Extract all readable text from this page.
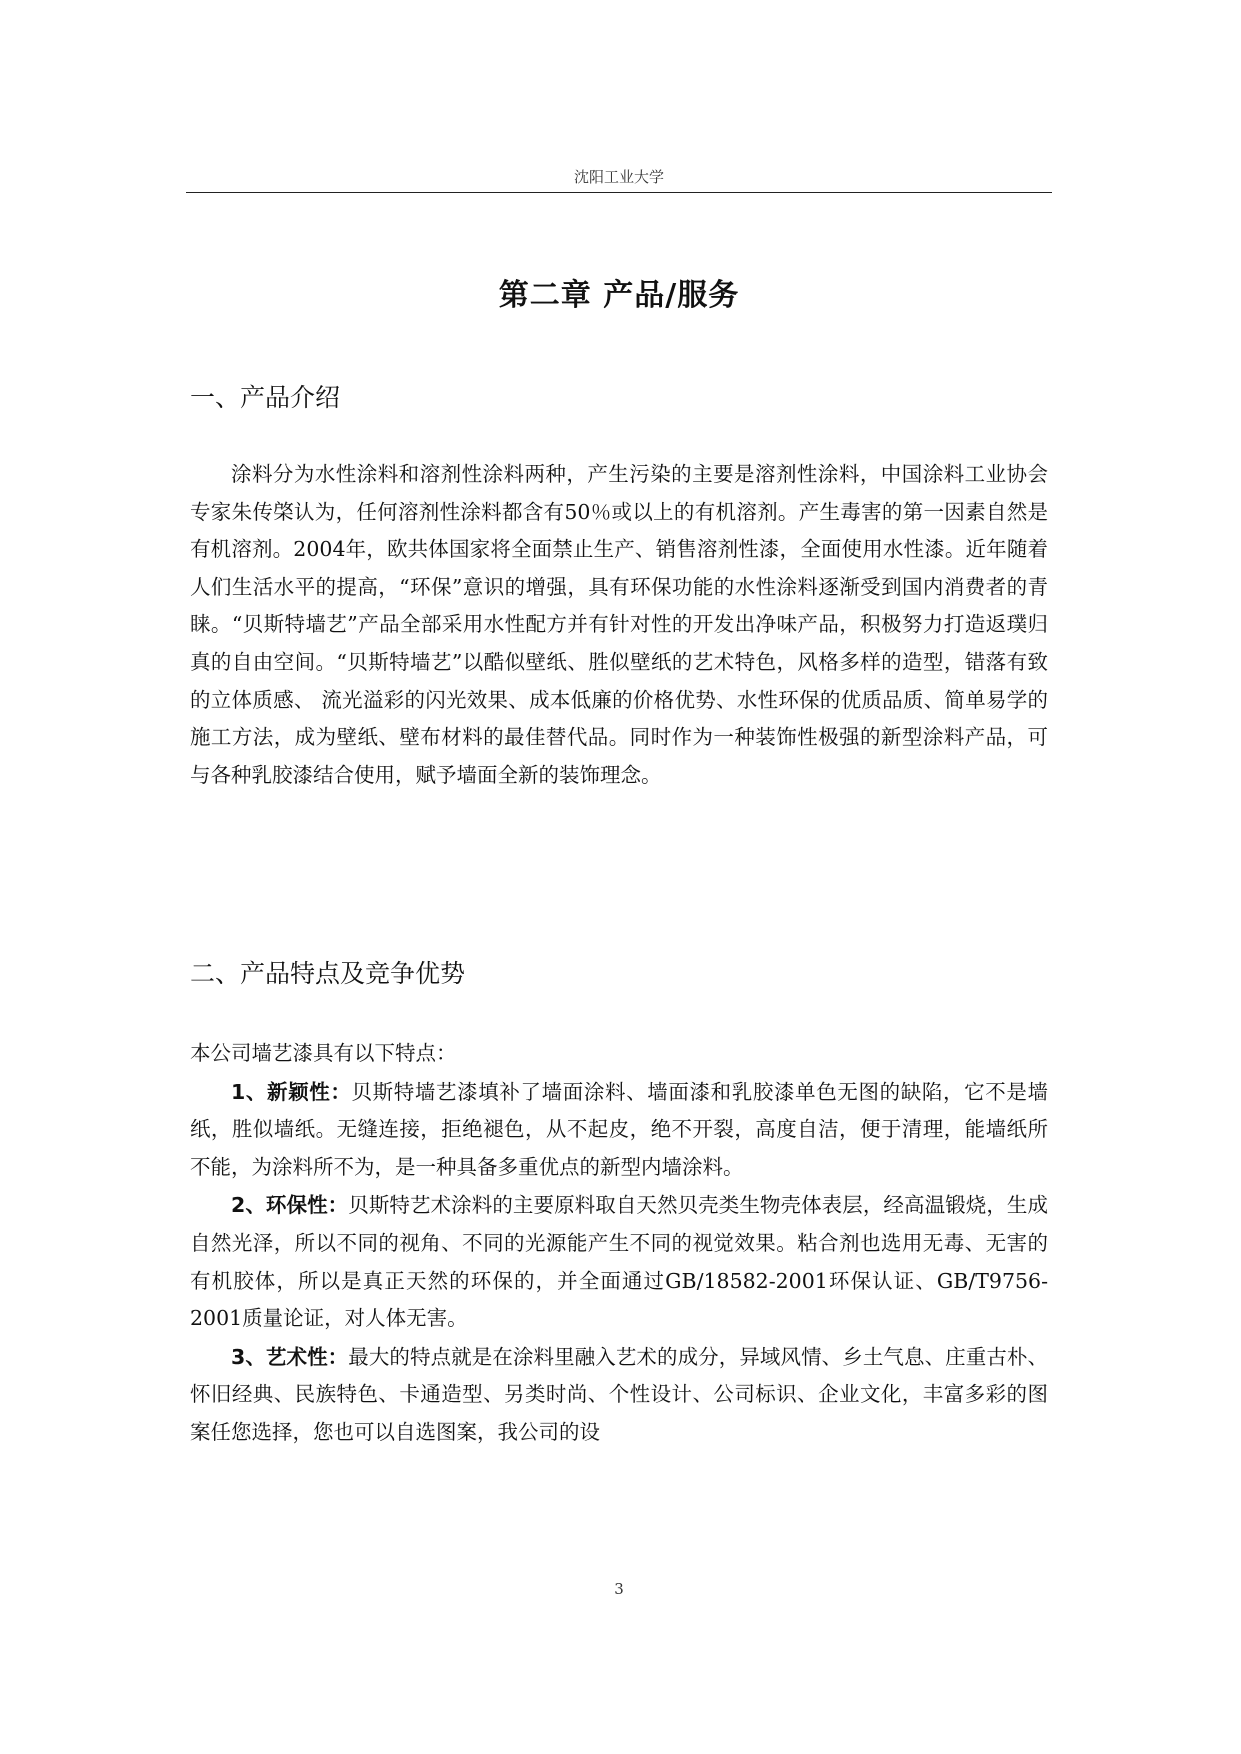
沈阳工业大学
第二章 产品/服务
一、产品介绍

涂料分为水性涂料和溶剂性涂料两种，产生污染的主要是溶剂性涂料，中国涂料工业协会专家朱传棨认为，任何溶剂性涂料都含有50％或以上的有机溶剂。产生毒害的第一因素自然是有机溶剂。2004年，欧共体国家将全面禁止生产、销售溶剂性漆，全面使用水性漆。近年随着人们生活水平的提高，“环保”意识的增强，具有环保功能的水性涂料逐渐受到国内消费者的青睐。“贝斯特墙艺”产品全部采用水性配方并有针对性的开发出净味产品，积极努力打造返璞归真的自由空间。“贝斯特墙艺”以酷似壁纸、胜似壁纸的艺术特色，风格多样的造型，错落有致的立体质感、 流光溢彩的闪光效果、成本低廉的价格优势、水性环保的优质品质、简单易学的施工方法，成为壁纸、壁布材料的最佳替代品。同时作为一种装饰性极强的新型涂料产品，可与各种乳胶漆结合使用，赋予墙面全新的装饰理念。

二、产品特点及竞争优势

本公司墙艺漆具有以下特点：

1、新颖性：贝斯特墙艺漆填补了墙面涂料、墙面漆和乳胶漆单色无图的缺陷，它不是墙纸，胜似墙纸。无缝连接，拒绝褪色，从不起皮，绝不开裂，高度自洁，便于清理，能墙纸所不能，为涂料所不为，是一种具备多重优点的新型内墙涂料。

2、环保性：贝斯特艺术涂料的主要原料取自天然贝壳类生物壳体表层，经高温锻烧，生成自然光泽，所以不同的视角、不同的光源能产生不同的视觉效果。粘合剂也选用无毒、无害的有机胶体，所以是真正天然的环保的，并全面通过GB/18582-2001环保认证、GB/T9756-2001质量论证，对人体无害。

3、艺术性：最大的特点就是在涂料里融入艺术的成分，异域风情、乡土气息、庄重古朴、怀旧经典、民族特色、卡通造型、另类时尚、个性设计、公司标识、企业文化，丰富多彩的图案任您选择，您也可以自选图案，我公司的设

3
